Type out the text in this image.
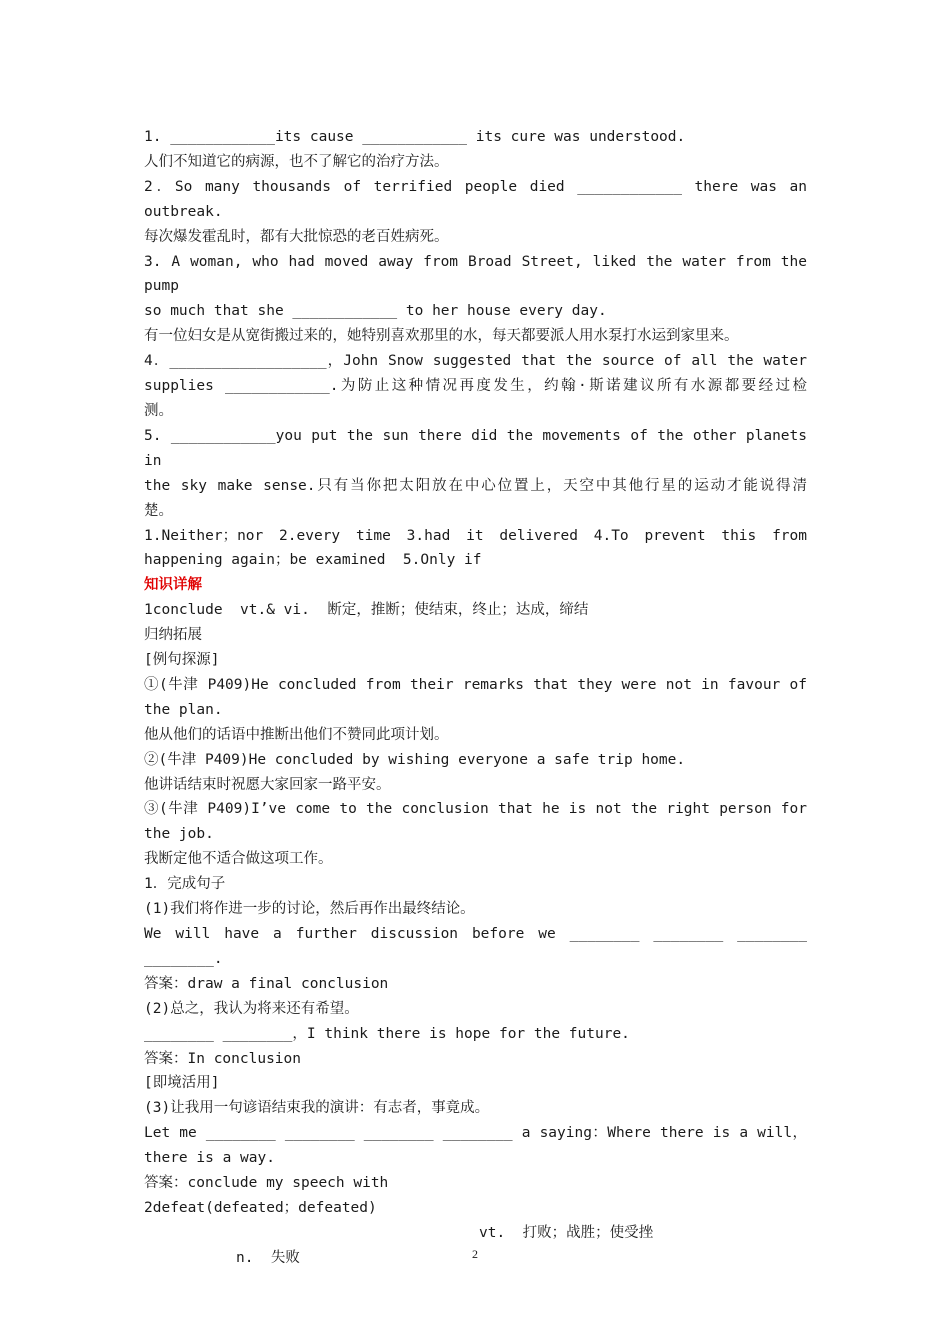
1. ____________its cause ____________ its cure was understood.
人们不知道它的病源，也不了解它的治疗方法。
2．So many thousands of terrified people died ____________ there was an
outbreak.
每次爆发霍乱时，都有大批惊恐的老百姓病死。
3. A woman, who had moved away from Broad Street, liked the water from the pump
so much that she ____________ to her house every day.
有一位妇女是从宽街搬过来的，她特别喜欢那里的水，每天都要派人用水泵打水运到家里来。
4．__________________，John Snow suggested that the source of all the water
supplies ____________.为防止这种情况再度发生，约翰·斯诺建议所有水源都要经过检
测。
5. ____________you put the sun there did the movements of the other planets in
the sky make sense.只有当你把太阳放在中心位置上，天空中其他行星的运动才能说得清
楚。
1.Neither；nor 2.every time 3.had it delivered 4.To prevent this from
happening again；be examined  5.Only if
知识详解
1conclude  vt.& vi.  断定，推断；使结束，终止；达成，缔结
归纳拓展
[例句探源]
①(牛津 P409)He concluded from their remarks that they were not in favour of
the plan.
他从他们的话语中推断出他们不赞同此项计划。
②(牛津 P409)He concluded by wishing everyone a safe trip home.
他讲话结束时祝愿大家回家一路平安。
③(牛津 P409)I’ve come to the conclusion that he is not the right person for
the job.
我断定他不适合做这项工作。
1．完成句子
(1)我们将作进一步的讨论，然后再作出最终结论。
We will have a further discussion before we ________ ________ ________
________.
答案：draw a final conclusion
(2)总之，我认为将来还有希望。
________ ________，I think there is hope for the future.
答案：In conclusion
[即境活用]
(3)让我用一句谚语结束我的演讲：有志者，事竟成。
Let me ________ ________ ________ ________ a saying：Where there is a will，
there is a way.
答案：conclude my speech with
2defeat(defeated；defeated)
vt.  打败；战胜；使受挫
n.  失败	2
